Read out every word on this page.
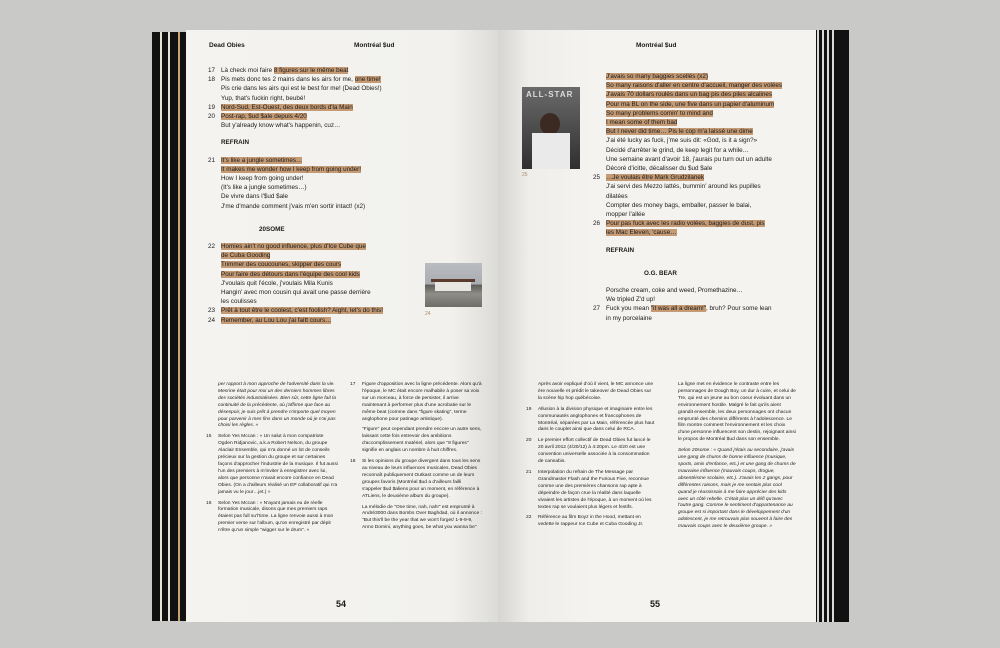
Dead Obies	Montréal $ud
17 Là check moi faire 8 figures sur le même beat
18 Pis mets donc tes 2 mains dans les airs for me, one time!
Pis crie dans les airs qui est le best for me! (Dead Obies!)
Yup, that's fuckin right, beubé!
19 Nord-Sud, Est-Ouest, des deux bords d'la Main
20 Post-rap, $ud $ale depuis 4/20
But y'already know what's happenin, cuz…
REFRAIN
21 It's like a jungle sometimes…
It makes me wonder how I keep from going under!
How I keep from going under!
(It's like a jungle sometimes…)
De vivre dans l'$ud $ale
J'me d'mande comment j'vais m'en sortir intact! (x2)
20SOME
22 Homies ain't no good influence, plus d'Ice Cube que
de Cuba Gooding
Trimmer des coucounes, skipper des cours
Pour faire des détours dans l'équipe des cool kids
J'voulais quit l'école, j'voulais Mila Kunis
Hangin' avec mon cousin qui avait une passe derrière
les coulisses
23 Prêt à tout être le coolest, c'est foolish? Aight, let's do this!
24 Remember, au Lou Lou j'ai faitt cours…
24

per rapport à mon approche de l'adversité dans la vie. Mesrine était pour moi un des derniers hommes libres des sociétés industrialisées. Bien sûr, cette ligne fait la continuité de la précédente, où j'affirme que face au désespoir, je suis prêt à prendre n'importe quel moyen pour parvenir à mes fins dans un monde où je n'ai pas choisi les règles. »

15 Selon Yes Mccan : « Un salut à mon compatriote Ogden Ridjanovic, a.k.a Robert Nelson, du groupe Alaclair Ensemble, qui m'a donné un lot de conseils précieux sur la gestion du groupe et sur certaines façons d'approcher l'industrie de la musique. Il fut aussi l'un des premiers à m'inviter à enregistrer avec lui, alors que personne n'avait encore confiance en Dead Obies. (On a d'ailleurs réalisé un EP collaboratif qui n'a jamais vu le jour…jet.) »

16 Selon Yes Mccan : « N'ayant jamais eu de réelle formation musicale, disons que mes premiers raps étaient pas full su'l'time. La ligne renvoie aussi à mon premier verse sur l'album, qu'on enregistré par dépit n'être qu'un simple "wigger sur le drum". »

17 Figure d'opposition avec la ligne précédente. Alors qu'à l'époque, le MC était encore malhabile à poser sa voix sur un morceau, à force de persister, il arrive maintenant à performer plus d'une acrobatie sur le même beat (comme dans "figure skating", terme anglophone pour patinage artistique).

"Figure" peut cependant prendre encore un autre sens, laissant cette fois entrevoir des ambitions d'accomplissement matériel, alors que "8 figures" signifie en anglais un nombre à huit chiffres.

18 Si les opinions du groupe divergent dans tous les sens au niveau de leurs influences musicales, Dead Obies reconnaît publiquement Outkast comme un de leurs groupes favoris (Montréal $ud a d'ailleurs failli s'appeler $ud $aliens pour un moment, en référence à ATLiens, le deuxième album du groupe).

La mélodie de "One time, nah, nah!" est emprunté à André3000 dans Bombs Over Baghdad, où il annonce : "But this'll be the year that we won't forget/ 1-9-9-9, Anno Domini, anything goes, be what you wanna be"

54
Montréal $ud
ALL-STAR
25
J'avais so many baggies scellés (x2)
So many raisons d'aller en centre d'accueil, manger des volées
J'avais 70 dollars roulés dans un bag pis des piles alcalines
Pour ma BL on the side, une five dans un papier d'aluminum
So many problems comin' to mind and
I mean some of them bad
But I never did time… Pis le cop m'a laissé une dime
J'ai été lucky as fuck, j'me suis dit: «God, is it a sign?»
Décidé d'arrêter le grind, de keep legit for a while…
Une semaine avant d'avoir 18, j'aurais pu turn out un adulte
Décoré d'icitte, décalisser du $ud $ale
25 …Je voulais être Mark Grudzilanek
J'ai servi des Mezzo lattés, bummin' around les pupilles
dilatées
Compter des money bags, emballer, passer le balai,
mopper l'allée
26 Pour pas fuck avec les radio volées, baggies de dust, pis
les Mac Eleven, 'cause…
REFRAIN
O.G. BEAR
Porsche cream, coke and weed, Promethazine…
We tripled Z'd up!
27 Fuck you mean "it was all a dream!", bruh? Pour some lean
in my porcelaine

Après avoir expliqué d'où il vient, le MC annonce une ère nouvelle et prédit le takeover de Dead Obies sur la scène hip hop québécoise.

19 Allusion à la division physique et imaginaire entre les communautés anglophones et francophones de Montréal, séparées par La Main, référencée plus haut dans le couplet ainsi que dans celui de RCA.

20 Le premier effort collectif de Dead Obies fut lancé le 20 avril 2012 (4/20/12) à 4:20pm. Le 4/20 est une convention universelle associée à la consommation de cannabis.

21 Interpolation du refrain de The Message par Grandmaster Flash and the Furious Five, reconnue comme une des premières chansons rap apte à dépeindre de façon crue la réalité dans laquelle vivaient les artistes de l'époque, à un moment où les textes rap se voulaient plus légers et festifs.

22 Référence au film Boyz in the Hood, mettant en vedette le rappeur Ice Cube et Cuba Gooding Jr.

La ligne met en évidence le contraste entre les personnages de Dough Boy, un dur à cuire, et celui de Tre, qui est un jeune au bon coeur évoluant dans un environnement hostile. Malgré le fait qu'ils aient grandit ensemble, les deux personnages ont chacun emprunté des chemins différents à l'adolescence. Le film montre comment l'environnement et les choix d'une personne influencent son destin, rejoignant ainsi le propos de Montréal $ud dans son ensemble.

Selon 20some : « Quand j'étais au secondaire, j'avais une gang de chums de bonne influence (musique, sports, amis d'enfance, etc.) et une gang de chums de mauvaise influence (mauvais coups, drogue, absentéisme scolaire, etc.). J'avais les 2 gangs, pour différentes raisons, mais je me sentais plus cool quand je réussissais à me faire apprécier des kids avec un côté rebelle. C'était plus un défi qu'avec l'autre gang. Comme le sentiment d'appartenance au groupe est si important dans le développement d'un adolescent, je me retrouvais plus souvent à faire des mauvais coups avec le deuxième groupe. »

55
